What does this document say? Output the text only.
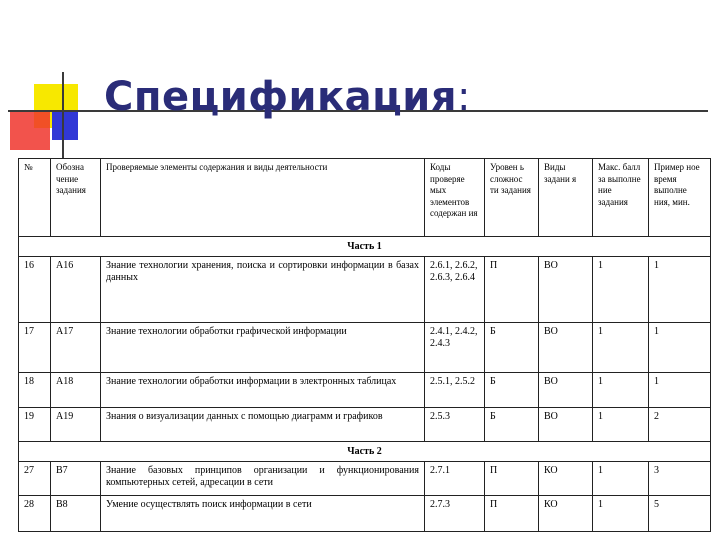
Спецификация:
№	Обозна чение задания	Проверяемые элементы содержания и виды деятельности	Коды проверяе мых элементов содержан ия	Уровен ь сложнос ти задания	Виды задани я	Макс. балл за выполне ние задания	Пример ное время выполне ния, мин.
Часть 1							
16	А16	Знание технологии хранения, поиска и сортировки информации в базах данных	2.6.1, 2.6.2, 2.6.3, 2.6.4	П	ВО	1	1
17	А17	Знание технологии обработки графической информации	2.4.1, 2.4.2, 2.4.3	Б	ВО	1	1
18	А18	Знание технологии обработки информации в электронных таблицах	2.5.1, 2.5.2	Б	ВО	1	1
19	А19	Знания о визуализации данных с помощью диаграмм и графиков	2.5.3	Б	ВО	1	2
Часть 2							
27	В7	Знание базовых принципов организации и функционирования компьютерных сетей, адресации в сети	2.7.1	П	КО	1	3
28	В8	Умение осуществлять поиск информации в сети	2.7.3	П	КО	1	5
